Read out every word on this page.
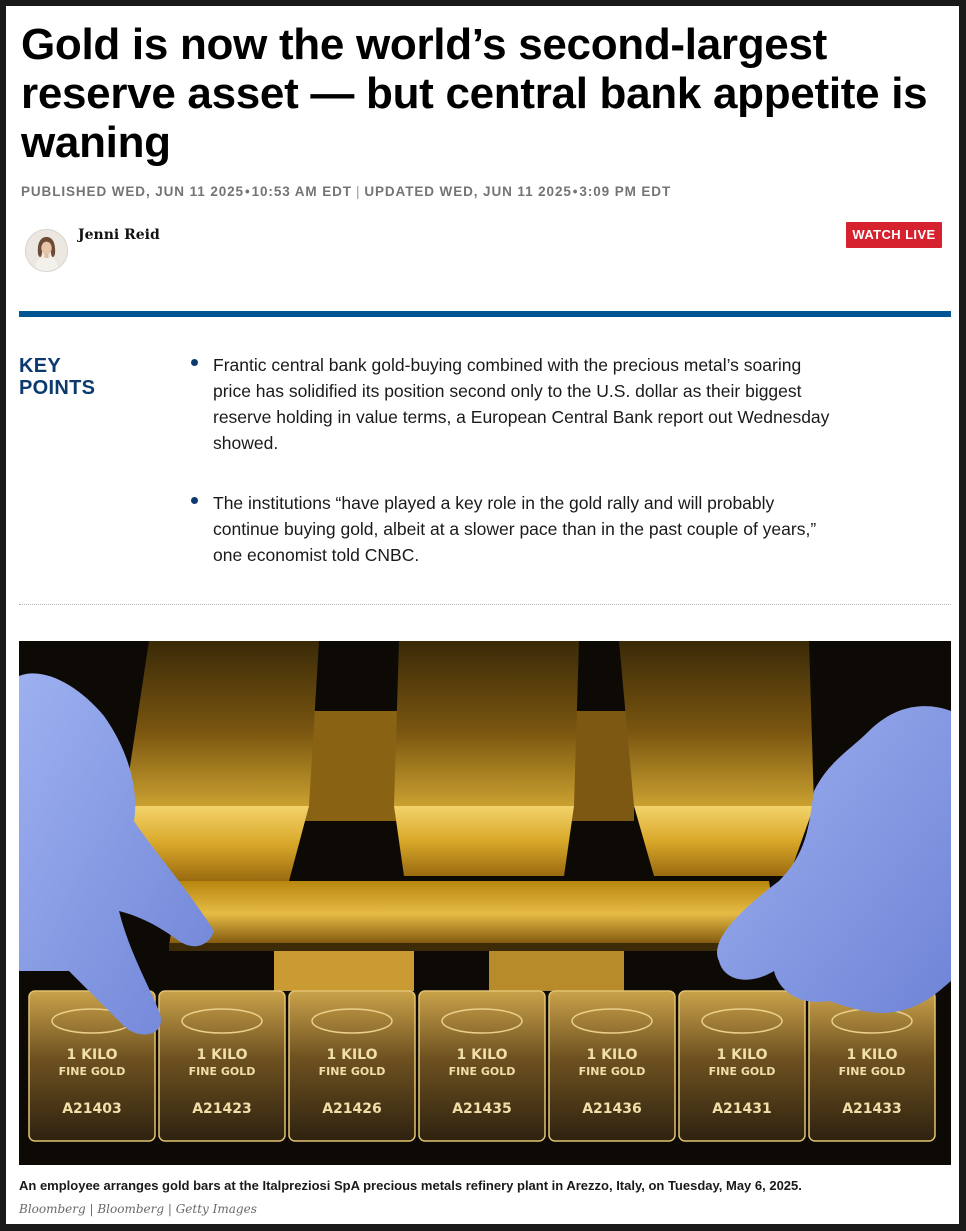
Gold is now the world’s second-largest reserve asset — but central bank appetite is waning
PUBLISHED WED, JUN 11 2025•10:53 AM EDT | UPDATED WED, JUN 11 2025•3:09 PM EDT
Jenni Reid	WATCH LIVE
KEY
POINTS
Frantic central bank gold-buying combined with the precious metal’s soaring price has solidified its position second only to the U.S. dollar as their biggest reserve holding in value terms, a European Central Bank report out Wednesday showed.
The institutions “have played a key role in the gold rally and will probably continue buying gold, albeit at a slower pace than in the past couple of years,” one economist told CNBC.
1 KILO
FINE GOLD
A21403
1 KILO
FINE GOLD
A21423
1 KILO
FINE GOLD
A21426
1 KILO
FINE GOLD
A21435
1 KILO
FINE GOLD
A21436
1 KILO
FINE GOLD
A21431
1 KILO
FINE GOLD
A21433
An employee arranges gold bars at the Italpreziosi SpA precious metals refinery plant in Arezzo, Italy, on Tuesday, May 6, 2025.
Bloomberg | Bloomberg | Getty Images
